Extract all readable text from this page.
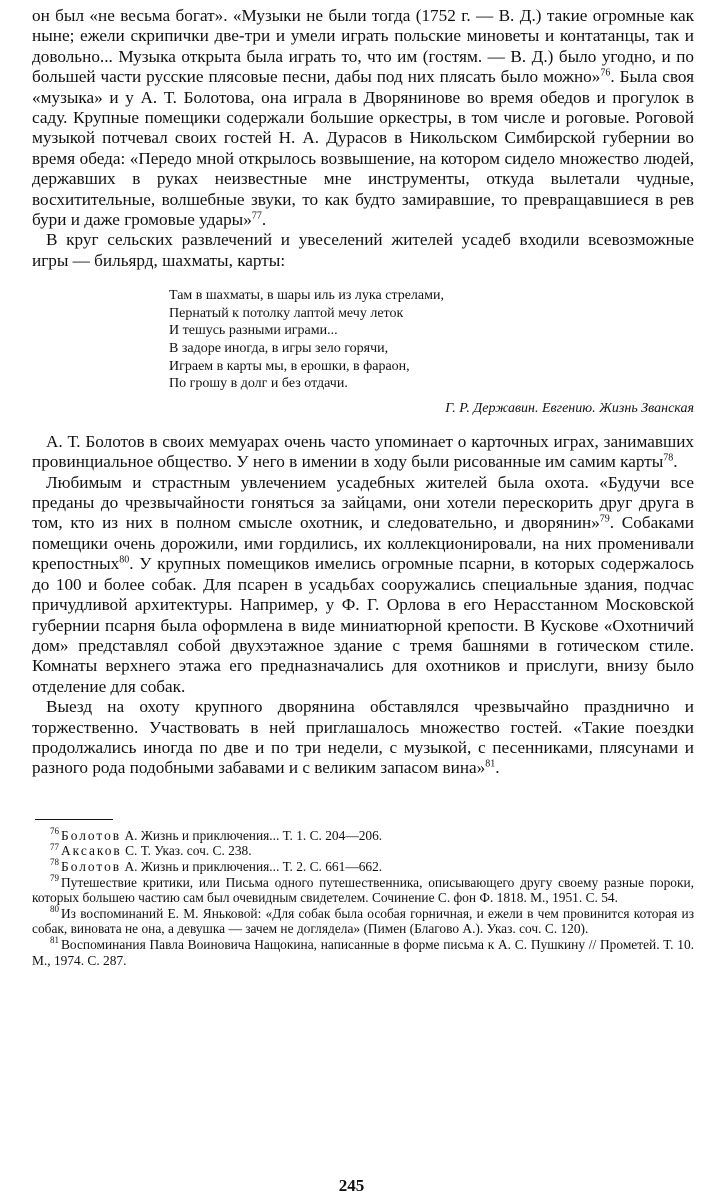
он был «не весьма богат». «Музыки не были тогда (1752 г. — В. Д.) такие огромные как ныне; ежели скрипички две-три и умели играть польские миноветы и контатанцы, так и довольно... Музыка открыта была играть то, что им (гостям. — В. Д.) было угодно, и по большей части русские плясовые песни, дабы под них плясать было можно»$^{76}$. Была своя «музыка» и у А. Т. Болотова, она играла в Дворянинове во время обедов и прогулок в саду. Крупные помещики содержали большие оркестры, в том числе и роговые. Роговой музыкой потчевал своих гостей Н. А. Дурасов в Никольском Симбирской губернии во время обеда: «Передо мной открылось возвышение, на котором сидело множество людей, державших в руках неизвестные мне инструменты, откуда вылетали чудные, восхитительные, волшебные звуки, то как будто замиравшие, то превращавшиеся в рев бури и даже громовые удары»$^{77}$.

В круг сельских развлечений и увеселений жителей усадеб входили всевозможные игры — бильярд, шахматы, карты:

Там в шахматы, в шары иль из лука стрелами,
Пернатый к потолку лаптой мечу леток
И тешусь разными играми...
В задоре иногда, в игры зело горячи,
Играем в карты мы, в ерошки, в фараон,
По грошу в долг и без отдачи.
Г. Р. Державин. Евгению. Жизнь Званская

А. Т. Болотов в своих мемуарах очень часто упоминает о карточных играх, занимавших провинциальное общество. У него в имении в ходу были рисованные им самим карты$^{78}$.

Любимым и страстным увлечением усадебных жителей была охота. «Будучи все преданы до чрезвычайности гоняться за зайцами, они хотели перескорить друг друга в том, кто из них в полном смысле охотник, и следовательно, и дворянин»$^{79}$. Собаками помещики очень дорожили, ими гордились, их коллекционировали, на них променивали крепостных$^{80}$. У крупных помещиков имелись огромные псарни, в которых содержалось до 100 и более собак. Для псарен в усадьбах сооружались специальные здания, подчас причудливой архитектуры. Например, у Ф. Г. Орлова в его Нерасстанном Московской губернии псарня была оформлена в виде миниатюрной крепости. В Кускове «Охотничий дом» представлял собой двухэтажное здание с тремя башнями в готическом стиле. Комнаты верхнего этажа его предназначались для охотников и прислуги, внизу было отделение для собак.

Выезд на охоту крупного дворянина обставлялся чрезвычайно празднично и торжественно. Участвовать в ней приглашалось множество гостей. «Такие поездки продолжались иногда по две и по три недели, с музыкой, с песенниками, плясунами и разного рода подобными забавами и с великим запасом вина»$^{81}$.

$^{76}$ Болотов А. Жизнь и приключения... Т. 1. С. 204—206.

$^{77}$ Аксаков С. Т. Указ. соч. С. 238.

$^{78}$ Болотов А. Жизнь и приключения... Т. 2. С. 661—662.

$^{79}$ Путешествие критики, или Письма одного путешественника, описывающего другу своему разные пороки, которых большею частию сам был очевидным свидетелем. Сочинение С. фон Ф. 1818. М., 1951. С. 54.

$^{80}$ Из воспоминаний Е. М. Яньковой: «Для собак была особая горничная, и ежели в чем провинится которая из собак, виновата не она, а девушка — зачем не доглядела» (Пимен (Благово А.). Указ. соч. С. 120).

$^{81}$ Воспоминания Павла Воиновича Нащокина, написанные в форме письма к А. С. Пушкину // Прометей. Т. 10. М., 1974. С. 287.

245
